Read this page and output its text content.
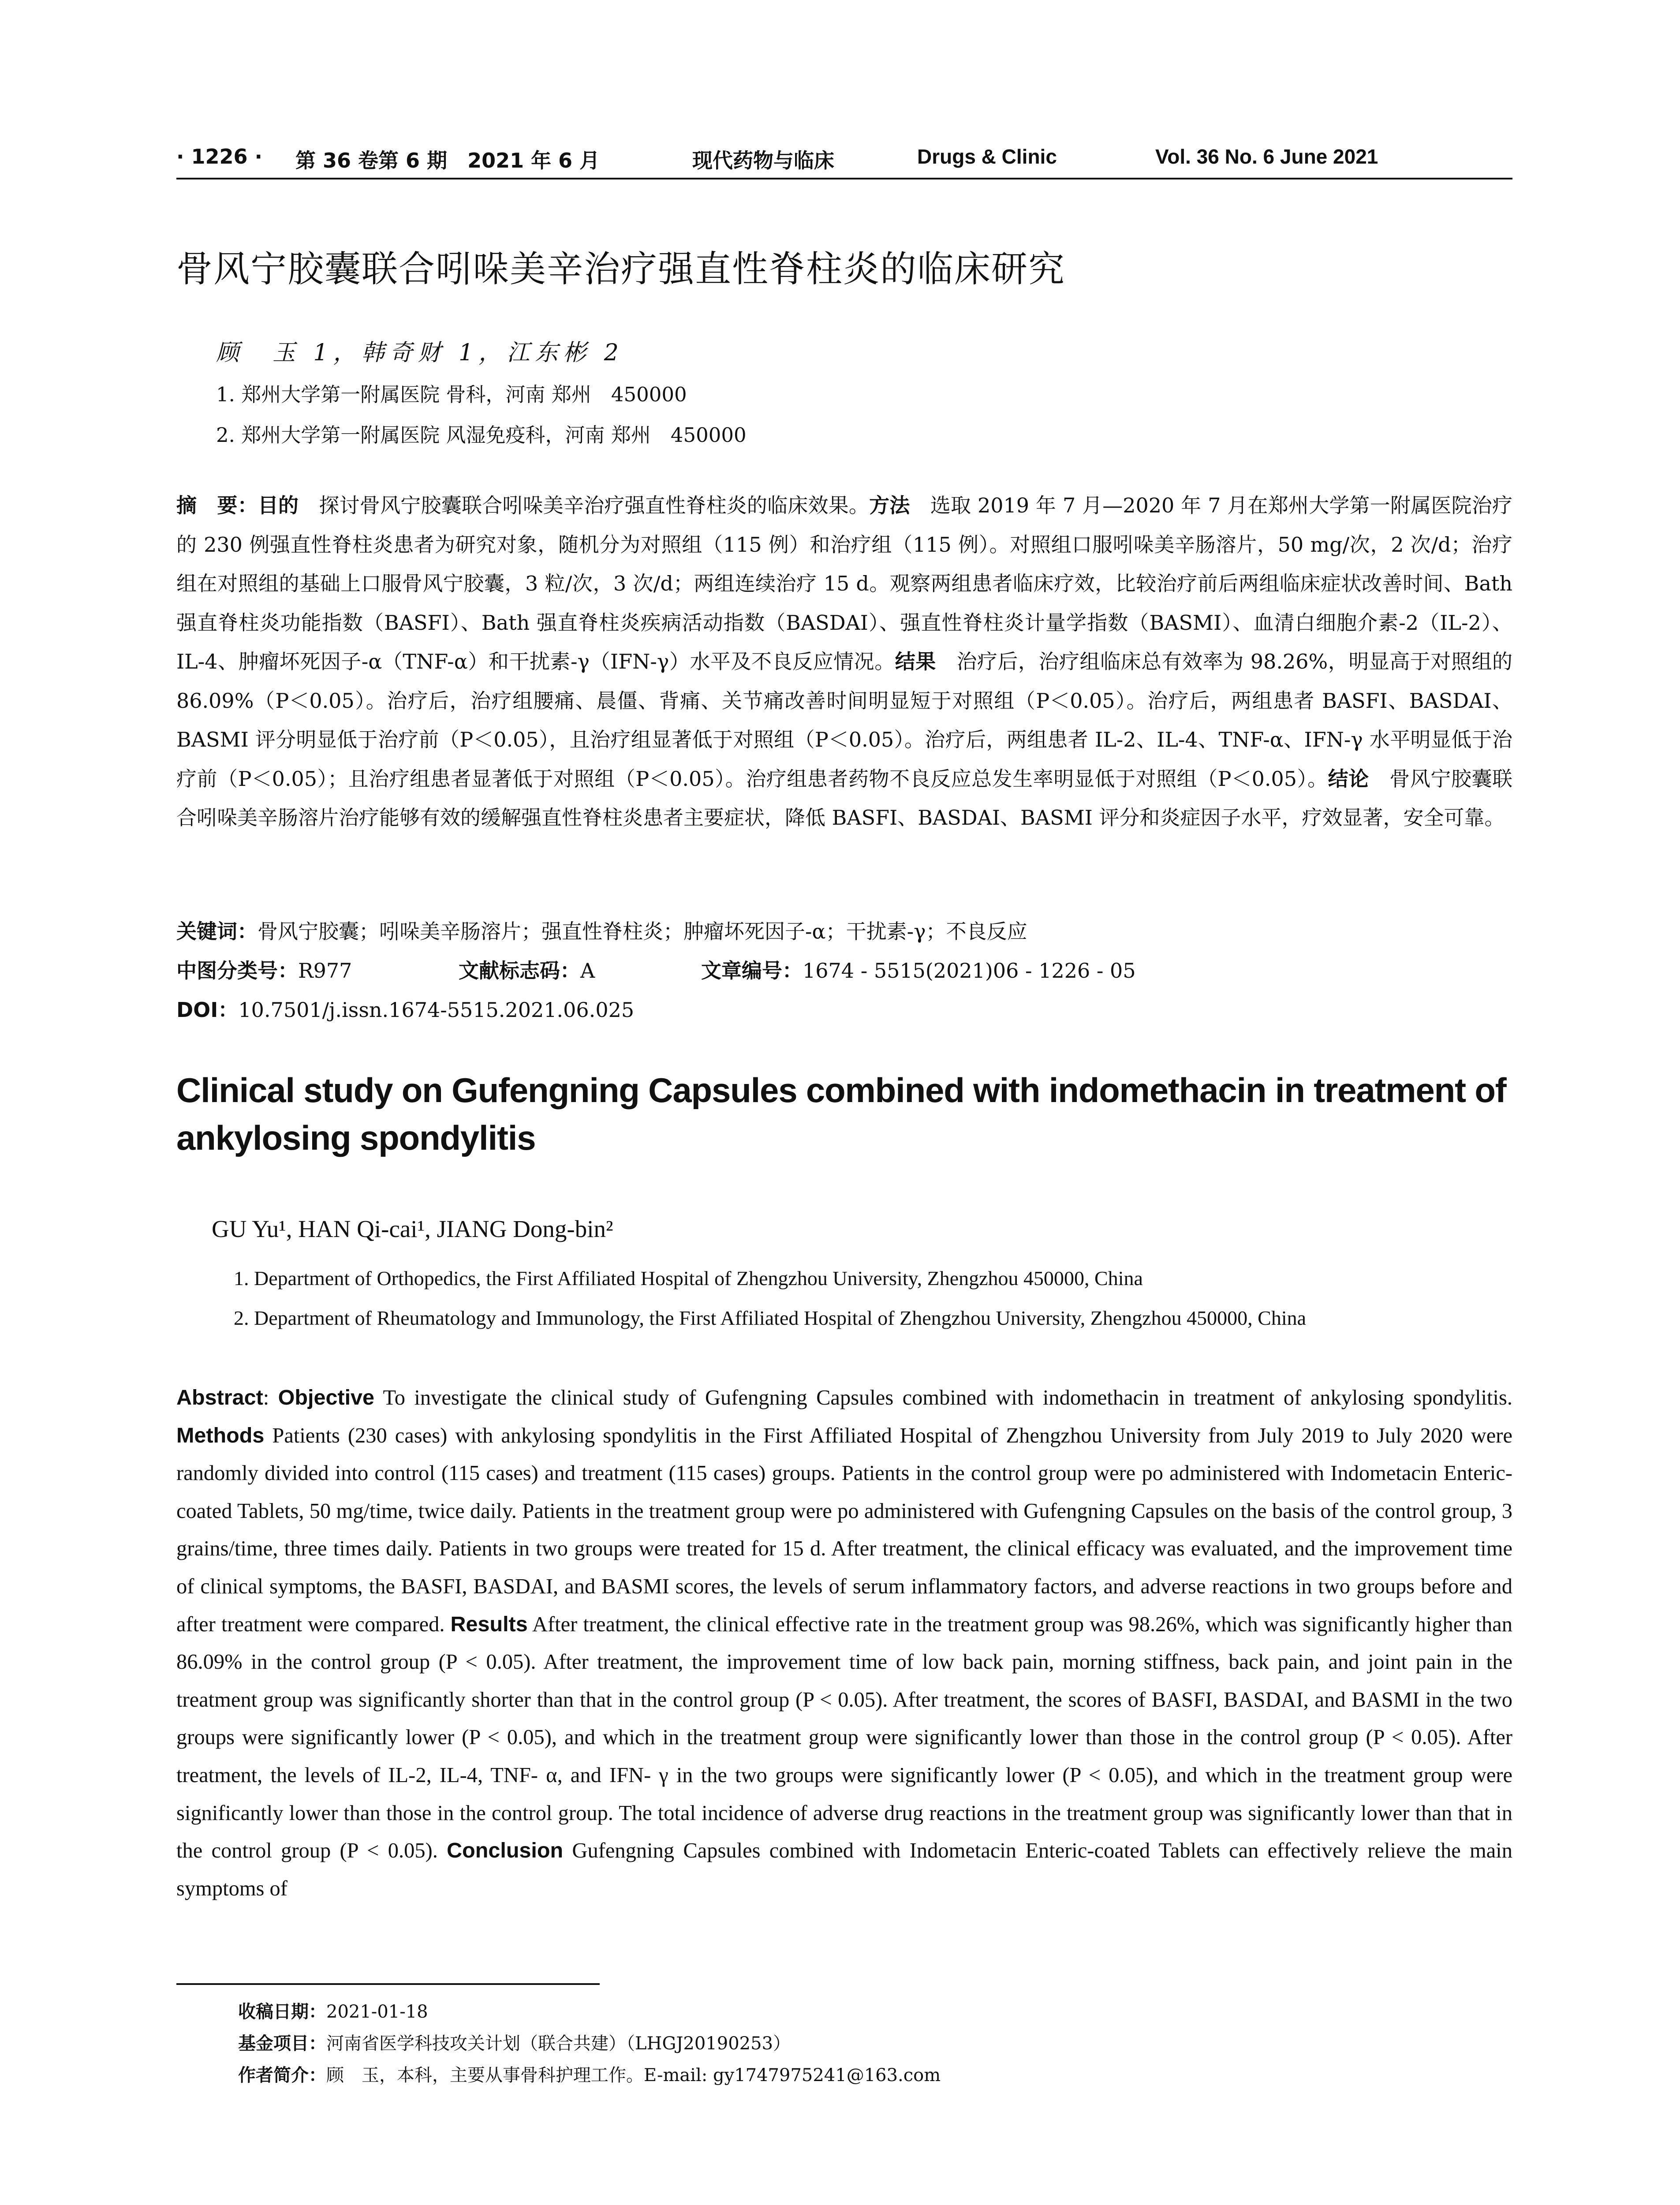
· 1226 · 第 36 卷第 6 期　2021 年 6 月	现代药物与临床	Drugs & Clinic	Vol. 36 No. 6 June 2021
骨风宁胶囊联合吲哚美辛治疗强直性脊柱炎的临床研究
顾　玉 1，韩奇财 1，江东彬 2
1. 郑州大学第一附属医院 骨科，河南 郑州　450000
2. 郑州大学第一附属医院 风湿免疫科，河南 郑州　450000
摘　要：目的　探讨骨风宁胶囊联合吲哚美辛治疗强直性脊柱炎的临床效果。方法　选取 2019 年 7 月—2020 年 7 月在郑州大学第一附属医院治疗的 230 例强直性脊柱炎患者为研究对象，随机分为对照组（115 例）和治疗组（115 例）。对照组口服吲哚美辛肠溶片，50 mg/次，2 次/d；治疗组在对照组的基础上口服骨风宁胶囊，3 粒/次，3 次/d；两组连续治疗 15 d。观察两组患者临床疗效，比较治疗前后两组临床症状改善时间、Bath 强直脊柱炎功能指数（BASFI）、Bath 强直脊柱炎疾病活动指数（BASDAI）、强直性脊柱炎计量学指数（BASMI）、血清白细胞介素-2（IL-2）、IL-4、肿瘤坏死因子-α（TNF-α）和干扰素-γ（IFN-γ）水平及不良反应情况。结果　治疗后，治疗组临床总有效率为 98.26%，明显高于对照组的 86.09%（P＜0.05）。治疗后，治疗组腰痛、晨僵、背痛、关节痛改善时间明显短于对照组（P＜0.05）。治疗后，两组患者 BASFI、BASDAI、BASMI 评分明显低于治疗前（P＜0.05），且治疗组显著低于对照组（P＜0.05）。治疗后，两组患者 IL-2、IL-4、TNF-α、IFN-γ 水平明显低于治疗前（P＜0.05）；且治疗组患者显著低于对照组（P＜0.05）。治疗组患者药物不良反应总发生率明显低于对照组（P＜0.05）。结论　骨风宁胶囊联合吲哚美辛肠溶片治疗能够有效的缓解强直性脊柱炎患者主要症状，降低 BASFI、BASDAI、BASMI 评分和炎症因子水平，疗效显著，安全可靠。
关键词：骨风宁胶囊；吲哚美辛肠溶片；强直性脊柱炎；肿瘤坏死因子-α；干扰素-γ；不良反应
中图分类号：R977	文献标志码：A	文章编号：1674 - 5515(2021)06 - 1226 - 05
DOI：10.7501/j.issn.1674-5515.2021.06.025
Clinical study on Gufengning Capsules combined with indomethacin in treatment of ankylosing spondylitis
GU Yu¹, HAN Qi-cai¹, JIANG Dong-bin²
1. Department of Orthopedics, the First Affiliated Hospital of Zhengzhou University, Zhengzhou 450000, China
2. Department of Rheumatology and Immunology, the First Affiliated Hospital of Zhengzhou University, Zhengzhou 450000, China
Abstract: Objective To investigate the clinical study of Gufengning Capsules combined with indomethacin in treatment of ankylosing spondylitis. Methods Patients (230 cases) with ankylosing spondylitis in the First Affiliated Hospital of Zhengzhou University from July 2019 to July 2020 were randomly divided into control (115 cases) and treatment (115 cases) groups. Patients in the control group were po administered with Indometacin Enteric-coated Tablets, 50 mg/time, twice daily. Patients in the treatment group were po administered with Gufengning Capsules on the basis of the control group, 3 grains/time, three times daily. Patients in two groups were treated for 15 d. After treatment, the clinical efficacy was evaluated, and the improvement time of clinical symptoms, the BASFI, BASDAI, and BASMI scores, the levels of serum inflammatory factors, and adverse reactions in two groups before and after treatment were compared. Results After treatment, the clinical effective rate in the treatment group was 98.26%, which was significantly higher than 86.09% in the control group (P < 0.05). After treatment, the improvement time of low back pain, morning stiffness, back pain, and joint pain in the treatment group was significantly shorter than that in the control group (P < 0.05). After treatment, the scores of BASFI, BASDAI, and BASMI in the two groups were significantly lower (P < 0.05), and which in the treatment group were significantly lower than those in the control group (P < 0.05). After treatment, the levels of IL-2, IL-4, TNF- α, and IFN- γ in the two groups were significantly lower (P < 0.05), and which in the treatment group were significantly lower than those in the control group. The total incidence of adverse drug reactions in the treatment group was significantly lower than that in the control group (P < 0.05). Conclusion Gufengning Capsules combined with Indometacin Enteric-coated Tablets can effectively relieve the main symptoms of
收稿日期：2021-01-18
基金项目：河南省医学科技攻关计划（联合共建）（LHGJ20190253）
作者简介：顾　玉，本科，主要从事骨科护理工作。E-mail: gy1747975241@163.com
